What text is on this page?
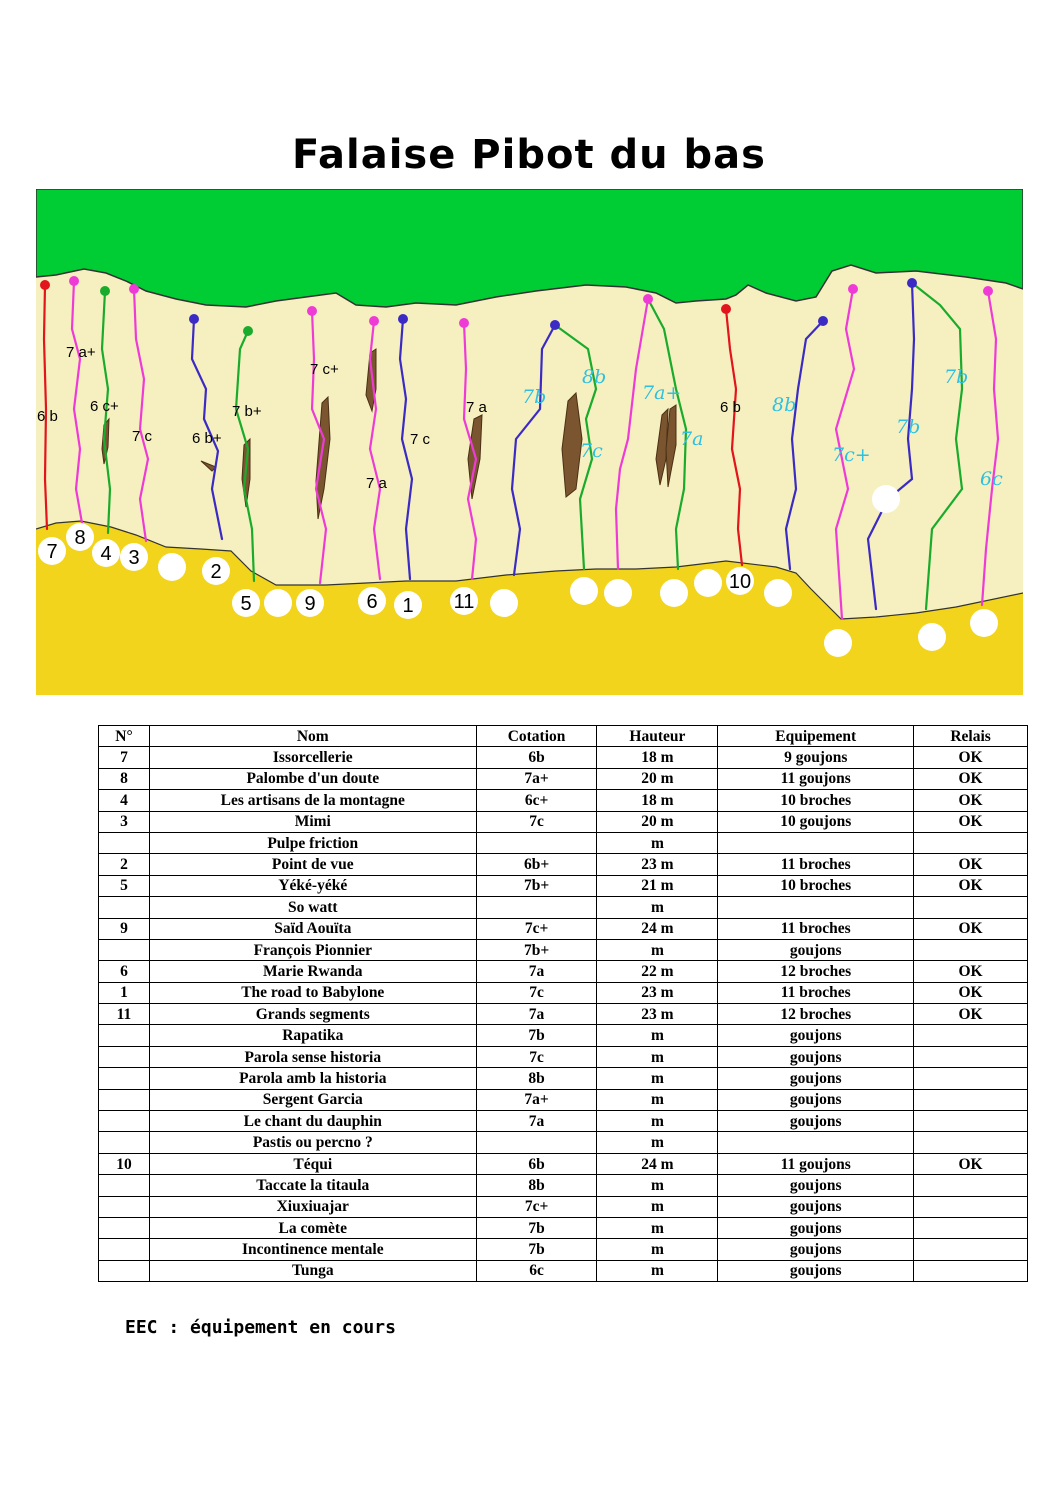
Falaise Pibot du bas
7 a+
6 b
6 c+
7 c	6 b+
7 b+
7 c+
7 a
7 c
7 a	6 b
7b
8b
7c
7a+
7a
8b
7c+
7b
7b
6c
7
8
4 3
2
5	9	6 1 11
10
N°	Nom	Cotation	Hauteur	Equipement	Relais
7	Issorcellerie	6b	18 m	9 goujons	OK
8	Palombe d'un doute	7a+	20 m	11 goujons	OK
4	Les artisans de la montagne	6c+	18 m	10 broches	OK
3	Mimi	7c	20 m	10 goujons	OK
	Pulpe friction		m		
2	Point de vue	6b+	23 m	11 broches	OK
5	Yéké-yéké	7b+	21 m	10 broches	OK
	So watt		m		
9	Saïd Aouïta	7c+	24 m	11 broches	OK
	François Pionnier	7b+	m	goujons	
6	Marie Rwanda	7a	22 m	12 broches	OK
1	The road to Babylone	7c	23 m	11 broches	OK
11	Grands segments	7a	23 m	12 broches	OK
	Rapatika	7b	m	goujons	
	Parola sense historia	7c	m	goujons	
	Parola amb la historia	8b	m	goujons	
	Sergent Garcia	7a+	m	goujons	
	Le chant du dauphin	7a	m	goujons	
	Pastis ou percno ?		m		
10	Téqui	6b	24 m	11 goujons	OK
	Taccate la titaula	8b	m	goujons	
	Xiuxiuajar	7c+	m	goujons	
	La comète	7b	m	goujons	
	Incontinence mentale	7b	m	goujons	
	Tunga	6c	m	goujons	
EEC : équipement en cours
